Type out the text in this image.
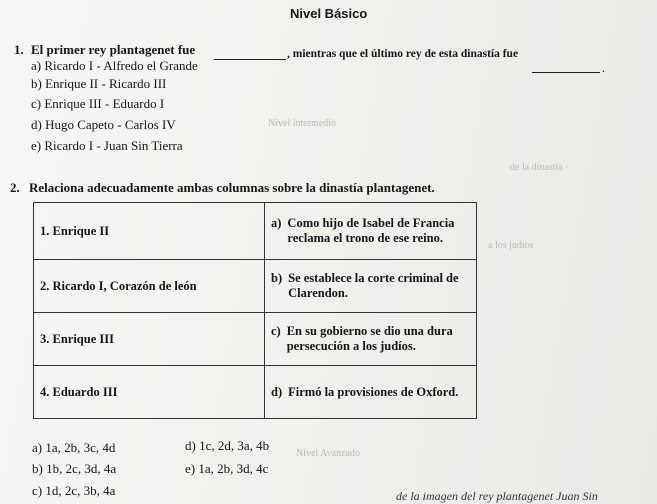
Nivel intermedio
de la dinastía ·
a los judíos
Nivel Avanzado
Nivel Básico
1. El primer rey plantagenet fue	, mientras que el último rey de esta dinastía fue
.
a) Ricardo I - Alfredo el Grande
b) Enrique II - Ricardo III
c) Enrique III - Eduardo I
d) Hugo Capeto - Carlos IV
e) Ricardo I - Juan Sin Tierra
2. Relaciona adecuadamente ambas columnas sobre la dinastía plantagenet.
1. Enrique II	a) Como hijo de Isabel de Francia reclama el trono de ese reino.

2. Ricardo I, Corazón de león	b) Se establece la corte criminal de Clarendon.

3. Enrique III	c) En su gobierno se dio una dura persecución a los judíos.

4. Eduardo III	d) Firmó la provisiones de Oxford.
a) 1a, 2b, 3c, 4d
b) 1b, 2c, 3d, 4a
c) 1d, 2c, 3b, 4a
d) 1c, 2d, 3a, 4b
e) 1a, 2b, 3d, 4c
de la imagen del rey plantagenet Juan Sin
